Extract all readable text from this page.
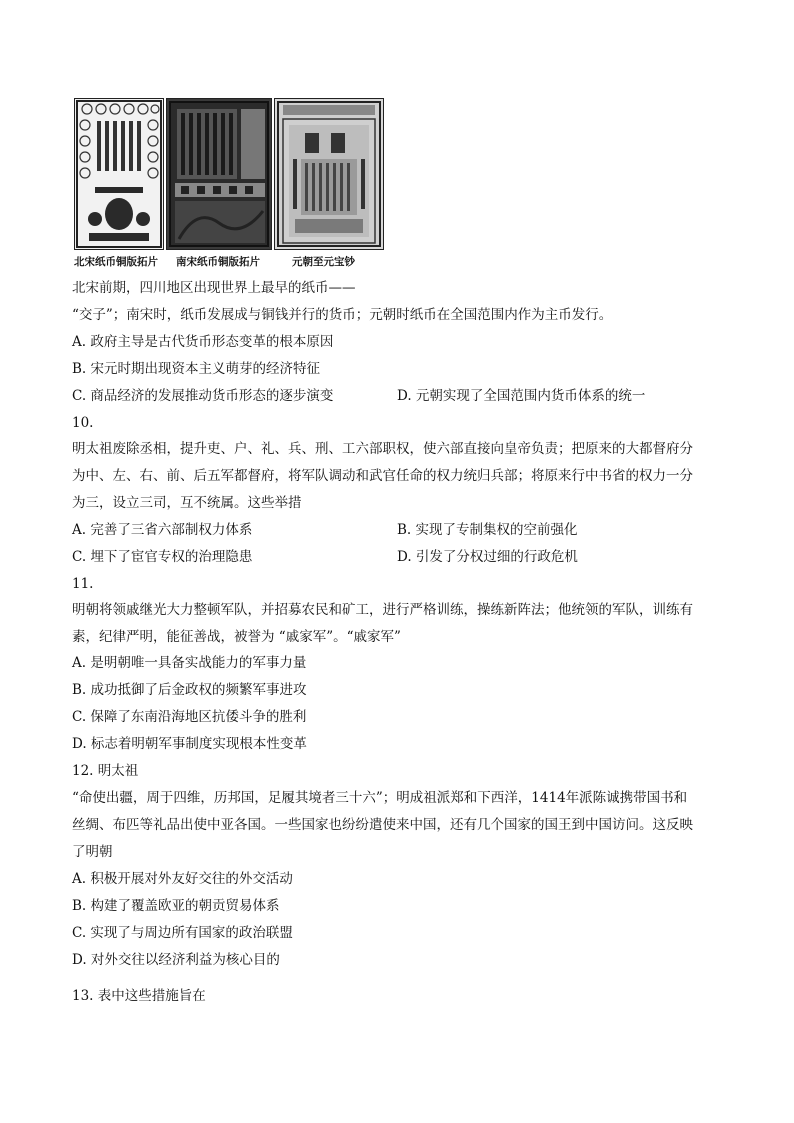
北宋纸币铜版拓片 南宋纸币铜版拓片	元朝至元宝钞
北宋前期，四川地区出现世界上最早的纸币——
“交子”；南宋时，纸币发展成与铜钱并行的货币；元朝时纸币在全国范围内作为主币发行。
A. 政府主导是古代货币形态变革的根本原因
B. 宋元时期出现资本主义萌芽的经济特征
C. 商品经济的发展推动货币形态的逐步演变	D. 元朝实现了全国范围内货币体系的统一
10.
明太祖废除丞相，提升吏、户、礼、兵、刑、工六部职权，使六部直接向皇帝负责；把原来的大都督府分
为中、左、右、前、后五军都督府，将军队调动和武官任命的权力统归兵部；将原来行中书省的权力一分
为三，设立三司，互不统属。这些举措
A. 完善了三省六部制权力体系	B. 实现了专制集权的空前强化
C. 埋下了宦官专权的治理隐患	D. 引发了分权过细的行政危机
11.
明朝将领戚继光大力整顿军队，并招募农民和矿工，进行严格训练，操练新阵法；他统领的军队，训练有
素，纪律严明，能征善战，被誉为 “戚家军”。“戚家军”
A. 是明朝唯一具备实战能力的军事力量
B. 成功抵御了后金政权的频繁军事进攻
C. 保障了东南沿海地区抗倭斗争的胜利
D. 标志着明朝军事制度实现根本性变革
12. 明太祖
“命使出疆，周于四维，历邦国，足履其境者三十六”；明成祖派郑和下西洋，1414年派陈诚携带国书和
丝绸、布匹等礼品出使中亚各国。一些国家也纷纷遣使来中国，还有几个国家的国王到中国访问。这反映
了明朝
A. 积极开展对外友好交往的外交活动
B. 构建了覆盖欧亚的朝贡贸易体系
C. 实现了与周边所有国家的政治联盟
D. 对外交往以经济利益为核心目的
13. 表中这些措施旨在
